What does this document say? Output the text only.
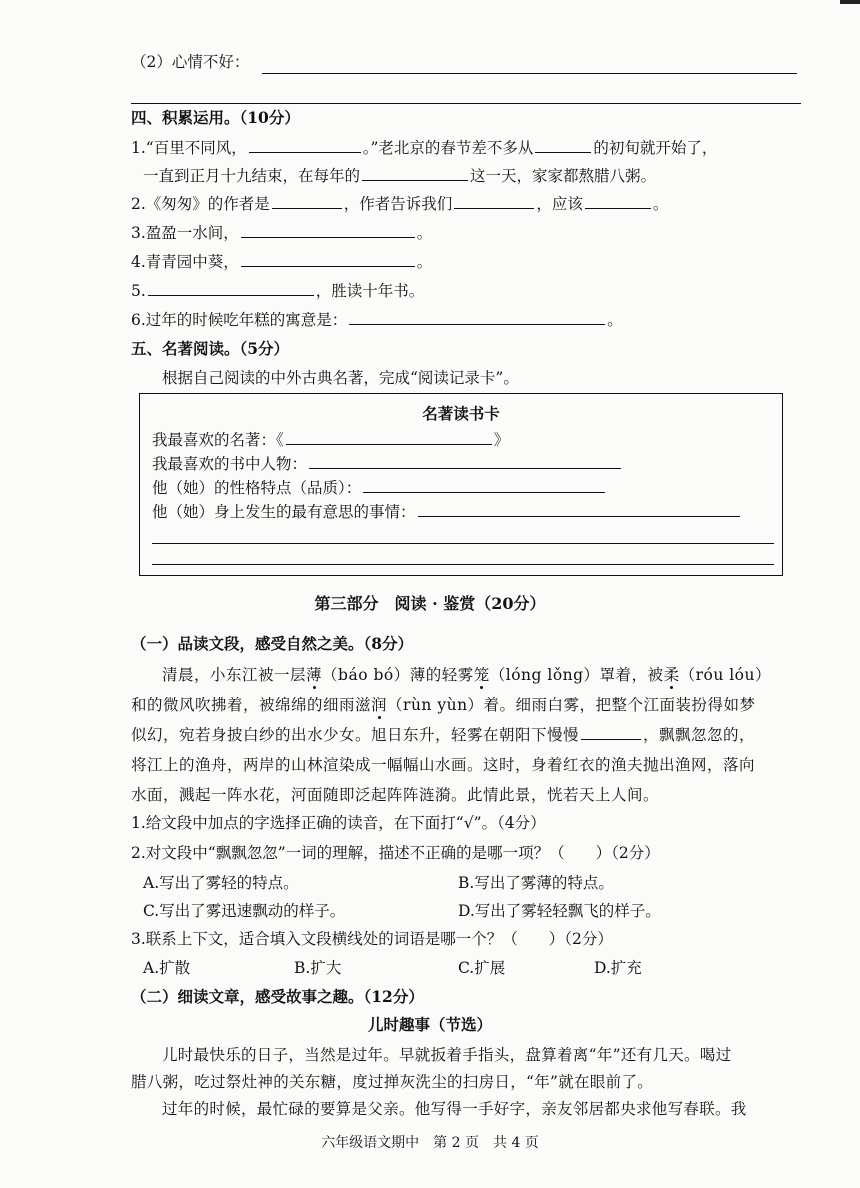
（2）心情不好：
四、积累运用。（10分）
1.“百里不同风，	。”老北京的春节差不多从	的初旬就开始了，
一直到正月十九结束，在每年的	这一天，家家都熬腊八粥。
2.《匆匆》的作者是	，作者告诉我们	，应该	。
3.盈盈一水间，	。
4.青青园中葵，	。
5.	，胜读十年书。
6.过年的时候吃年糕的寓意是：	。
五、名著阅读。（5分）
根据自己阅读的中外古典名著，完成“阅读记录卡”。
名著读书卡
我最喜欢的名著：《	》
我最喜欢的书中人物：
他（她）的性格特点（品质）：
他（她）身上发生的最有意思的事情：
第三部分　阅读 · 鉴赏（20分）
（一）品读文段，感受自然之美。（8分）
清晨，小东江被一层薄（báo bó）薄的轻雾笼（lóng lǒng）罩着，被柔（róu lóu）
和的微风吹拂着，被绵绵的细雨滋润（rùn yùn）着。细雨白雾，把整个江面装扮得如梦
似幻，宛若身披白纱的出水少女。旭日东升，轻雾在朝阳下慢慢	，飘飘忽忽的，
将江上的渔舟，两岸的山林渲染成一幅幅山水画。这时，身着红衣的渔夫抛出渔网，落向
水面，溅起一阵水花，河面随即泛起阵阵涟漪。此情此景，恍若天上人间。
1.给文段中加点的字选择正确的读音，在下面打“√”。（4分）
2.对文段中“飘飘忽忽”一词的理解，描述不正确的是哪一项？（　　）（2分）
A.写出了雾轻的特点。	B.写出了雾薄的特点。
C.写出了雾迅速飘动的样子。	D.写出了雾轻轻飘飞的样子。
3.联系上下文，适合填入文段横线处的词语是哪一个？（　　）（2分）
A.扩散	B.扩大	C.扩展	D.扩充
（二）细读文章，感受故事之趣。（12分）
儿时趣事（节选）
儿时最快乐的日子，当然是过年。早就扳着手指头，盘算着离“年”还有几天。喝过
腊八粥，吃过祭灶神的关东糖，度过掸灰洗尘的扫房日，“年”就在眼前了。
过年的时候，最忙碌的要算是父亲。他写得一手好字，亲友邻居都央求他写春联。我
六年级语文期中　第 2 页　共 4 页
